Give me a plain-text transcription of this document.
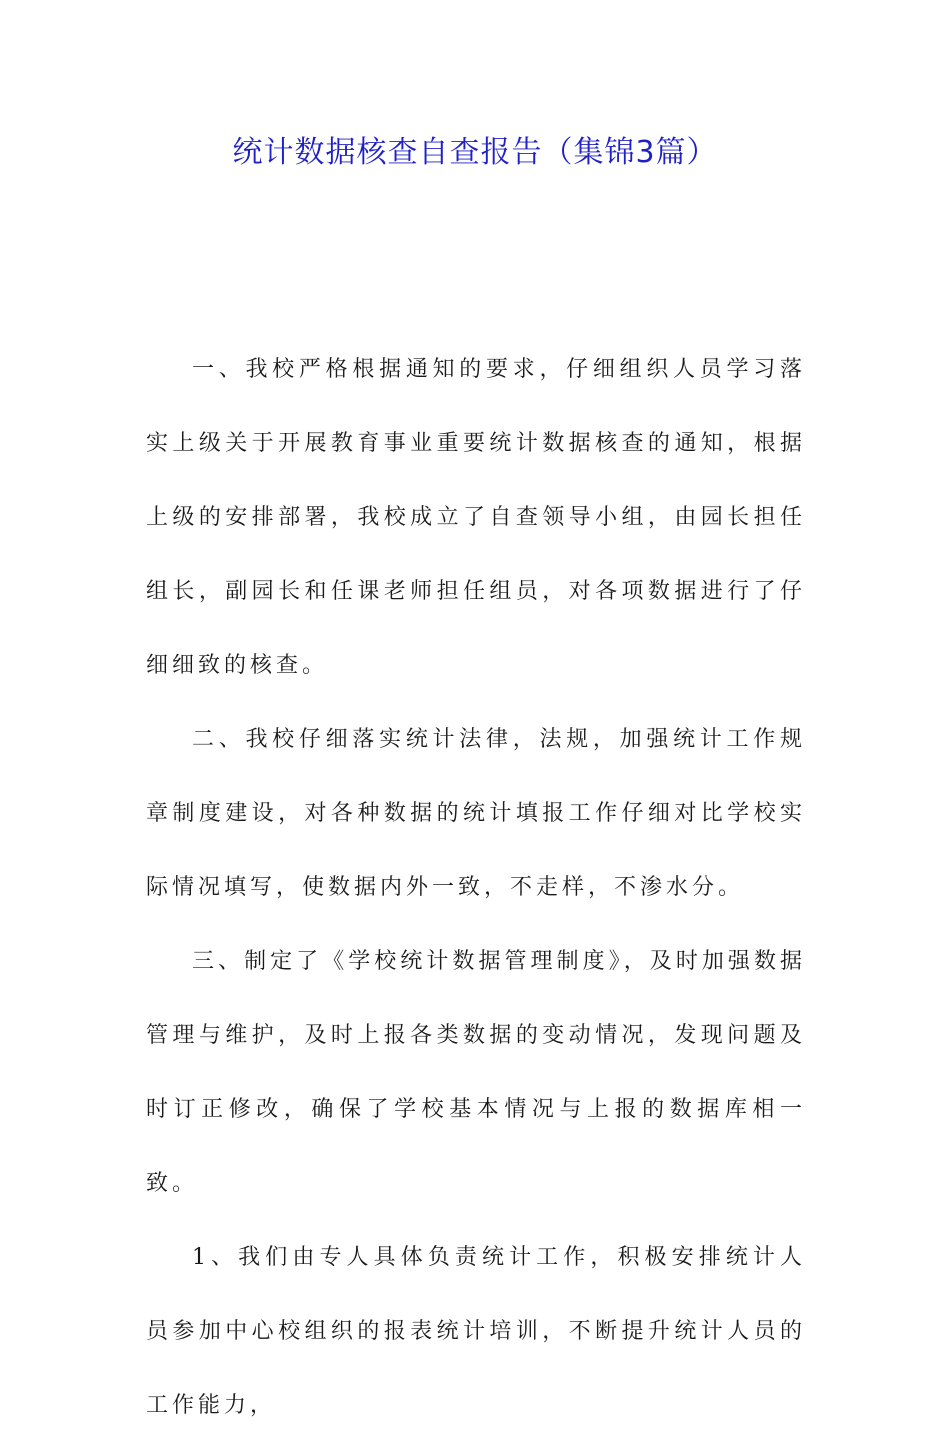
统计数据核查自查报告（集锦3篇）

一、我校严格根据通知的要求，仔细组织人员学习落实上级关于开展教育事业重要统计数据核查的通知，根据上级的安排部署，我校成立了自查领导小组，由园长担任组长，副园长和任课老师担任组员，对各项数据进行了仔细细致的核查。

二、我校仔细落实统计法律，法规，加强统计工作规章制度建设，对各种数据的统计填报工作仔细对比学校实际情况填写，使数据内外一致，不走样，不渗水分。

三、制定了《学校统计数据管理制度》，及时加强数据管理与维护，及时上报各类数据的变动情况，发现问题及时订正修改，确保了学校基本情况与上报的数据库相一致。

1、我们由专人具体负责统计工作，积极安排统计人员参加中心校组织的报表统计培训，不断提升统计人员的工作能力，
